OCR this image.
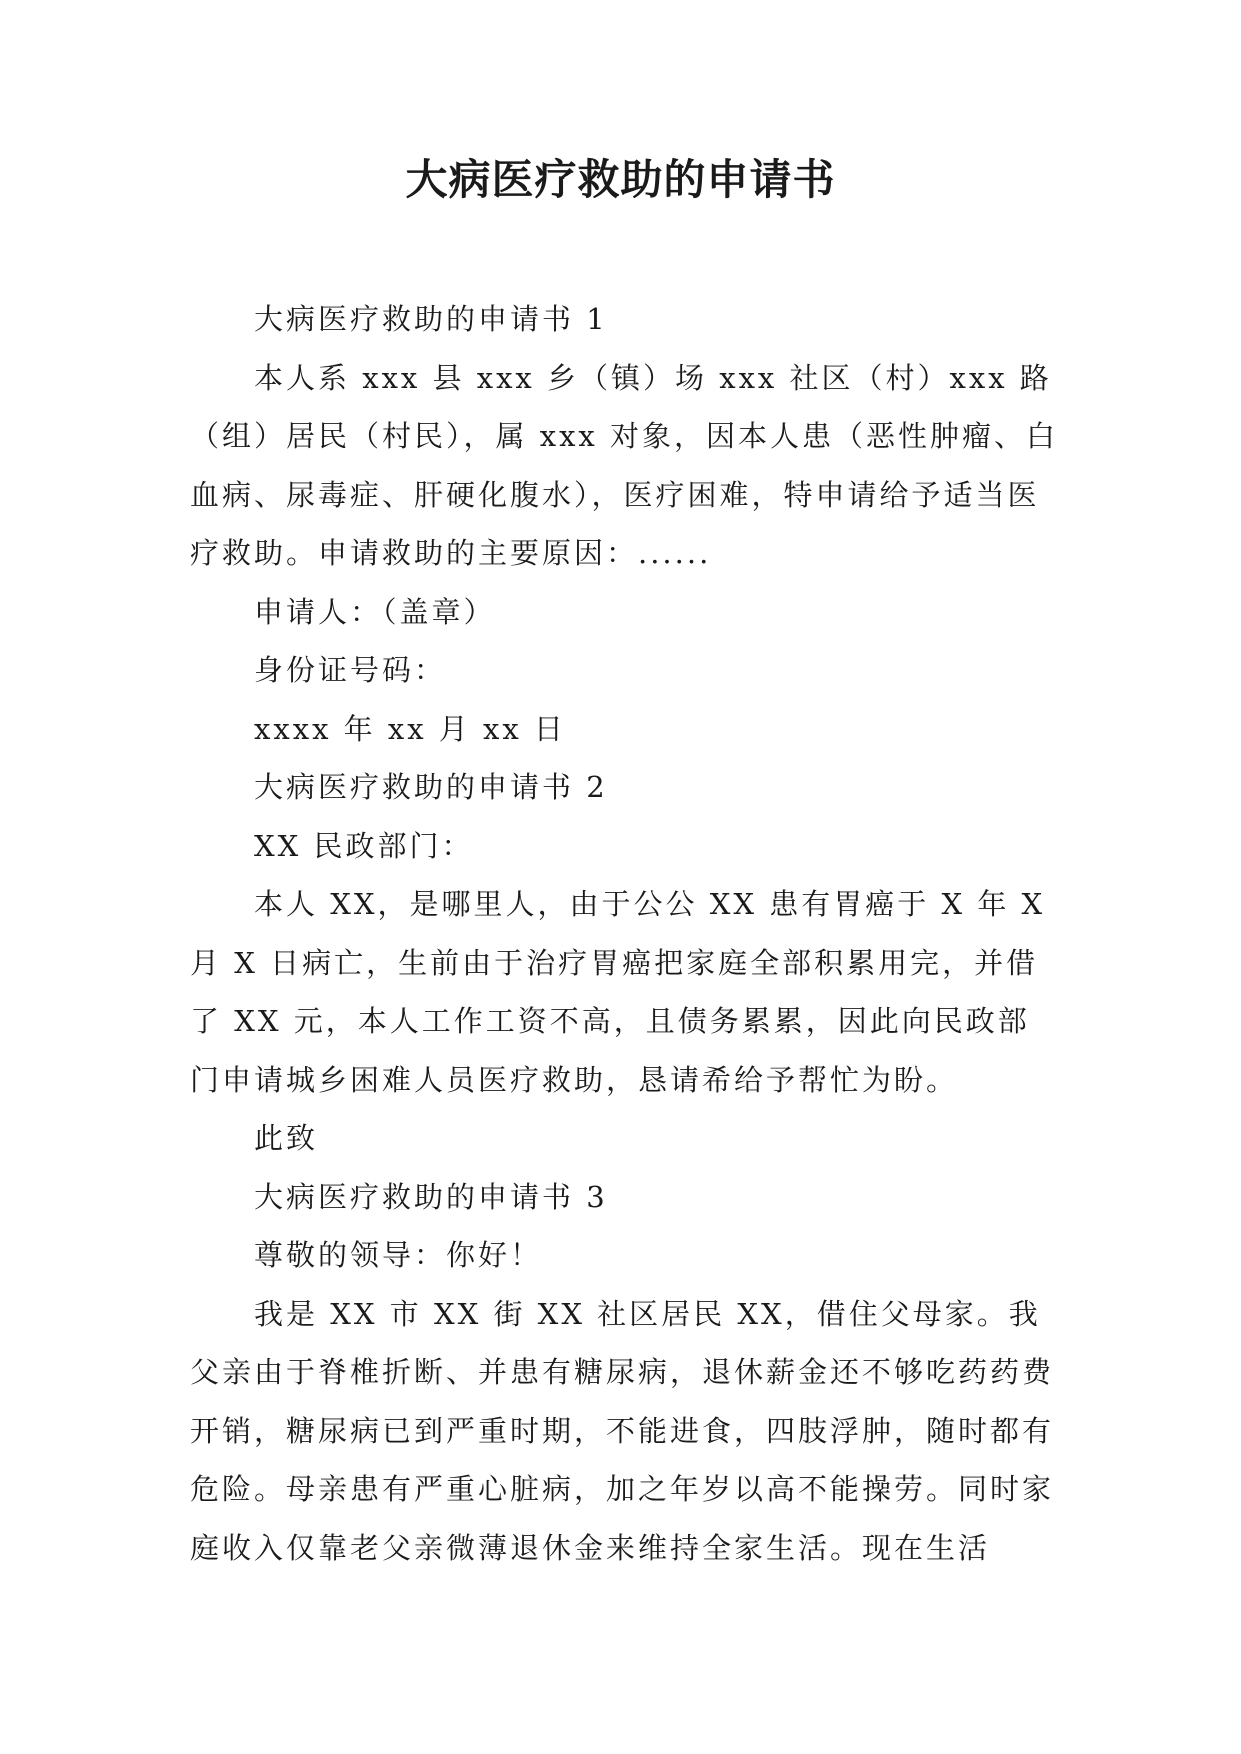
大病医疗救助的申请书

大病医疗救助的申请书 1

本人系 xxx 县 xxx 乡（镇）场 xxx 社区（村）xxx 路（组）居民（村民），属 xxx 对象，因本人患（恶性肿瘤、白血病、尿毒症、肝硬化腹水），医疗困难，特申请给予适当医疗救助。申请救助的主要原因：......

申请人：（盖章）

身份证号码：

xxxx 年 xx 月 xx 日

大病医疗救助的申请书 2

XX 民政部门：

本人 XX，是哪里人，由于公公 XX 患有胃癌于 X 年 X 月 X 日病亡，生前由于治疗胃癌把家庭全部积累用完，并借了 XX 元，本人工作工资不高，且债务累累，因此向民政部门申请城乡困难人员医疗救助，恳请希给予帮忙为盼。

此致

大病医疗救助的申请书 3

尊敬的领导：你好！

我是 XX 市 XX 街 XX 社区居民 XX，借住父母家。我父亲由于脊椎折断、并患有糖尿病，退休薪金还不够吃药药费开销，糖尿病已到严重时期，不能进食，四肢浮肿，随时都有危险。母亲患有严重心脏病，加之年岁以高不能操劳。同时家庭收入仅靠老父亲微薄退休金来维持全家生活。现在生活
